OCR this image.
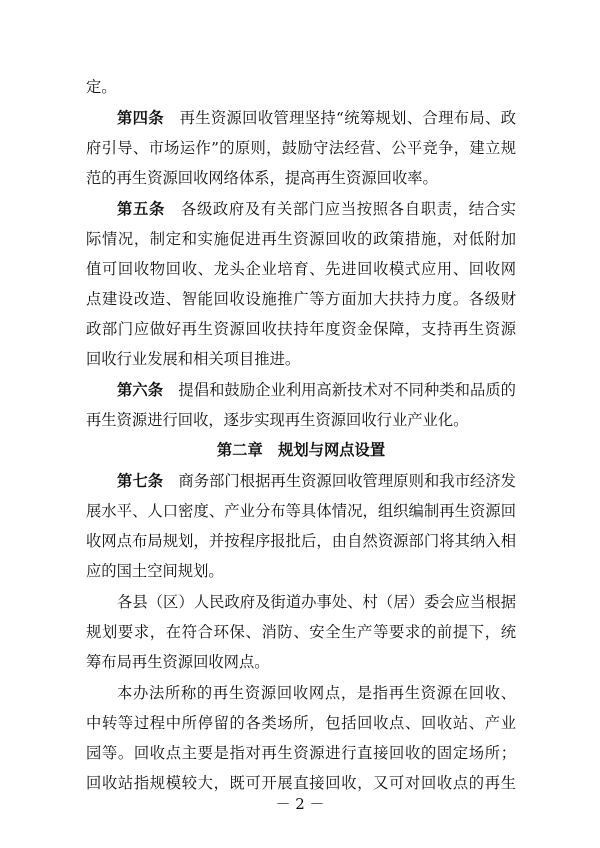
定。
第四条　再生资源回收管理坚持“统筹规划、合理布局、政
府引导、市场运作”的原则，鼓励守法经营、公平竞争，建立规
范的再生资源回收网络体系，提高再生资源回收率。
第五条　各级政府及有关部门应当按照各自职责，结合实
际情况，制定和实施促进再生资源回收的政策措施，对低附加
值可回收物回收、龙头企业培育、先进回收模式应用、回收网
点建设改造、智能回收设施推广等方面加大扶持力度。各级财
政部门应做好再生资源回收扶持年度资金保障，支持再生资源
回收行业发展和相关项目推进。
第六条　提倡和鼓励企业利用高新技术对不同种类和品质的
再生资源进行回收，逐步实现再生资源回收行业产业化。
第二章　规划与网点设置
第七条　商务部门根据再生资源回收管理原则和我市经济发
展水平、人口密度、产业分布等具体情况，组织编制再生资源回
收网点布局规划，并按程序报批后，由自然资源部门将其纳入相
应的国土空间规划。
各县（区）人民政府及街道办事处、村（居）委会应当根据
规划要求，在符合环保、消防、安全生产等要求的前提下，统
筹布局再生资源回收网点。
本办法所称的再生资源回收网点，是指再生资源在回收、
中转等过程中所停留的各类场所，包括回收点、回收站、产业
园等。回收点主要是指对再生资源进行直接回收的固定场所；
回收站指规模较大，既可开展直接回收，又可对回收点的再生
－ 2 －
